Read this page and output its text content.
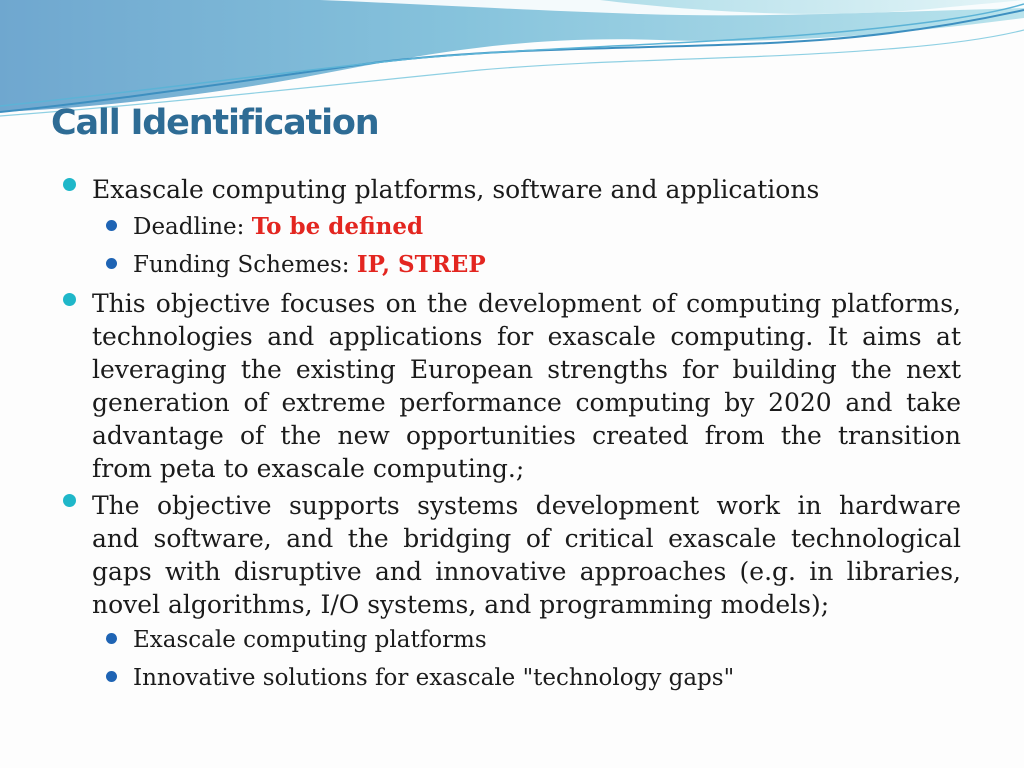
Call Identification
Exascale computing platforms, software and applications
Deadline: To be defined
Funding Schemes: IP, STREP
This objective focuses on the development of computing platforms,
technologies and applications for exascale computing. It aims at
leveraging the existing European strengths for building the next
generation of extreme performance computing by 2020 and take
advantage of the new opportunities created from the transition
from peta to exascale computing.;
The objective supports systems development work in hardware
and software, and the bridging of critical exascale technological
gaps with disruptive and innovative approaches (e.g. in libraries,
novel algorithms, I/O systems, and programming models);
Exascale computing platforms
Innovative solutions for exascale "technology gaps"
